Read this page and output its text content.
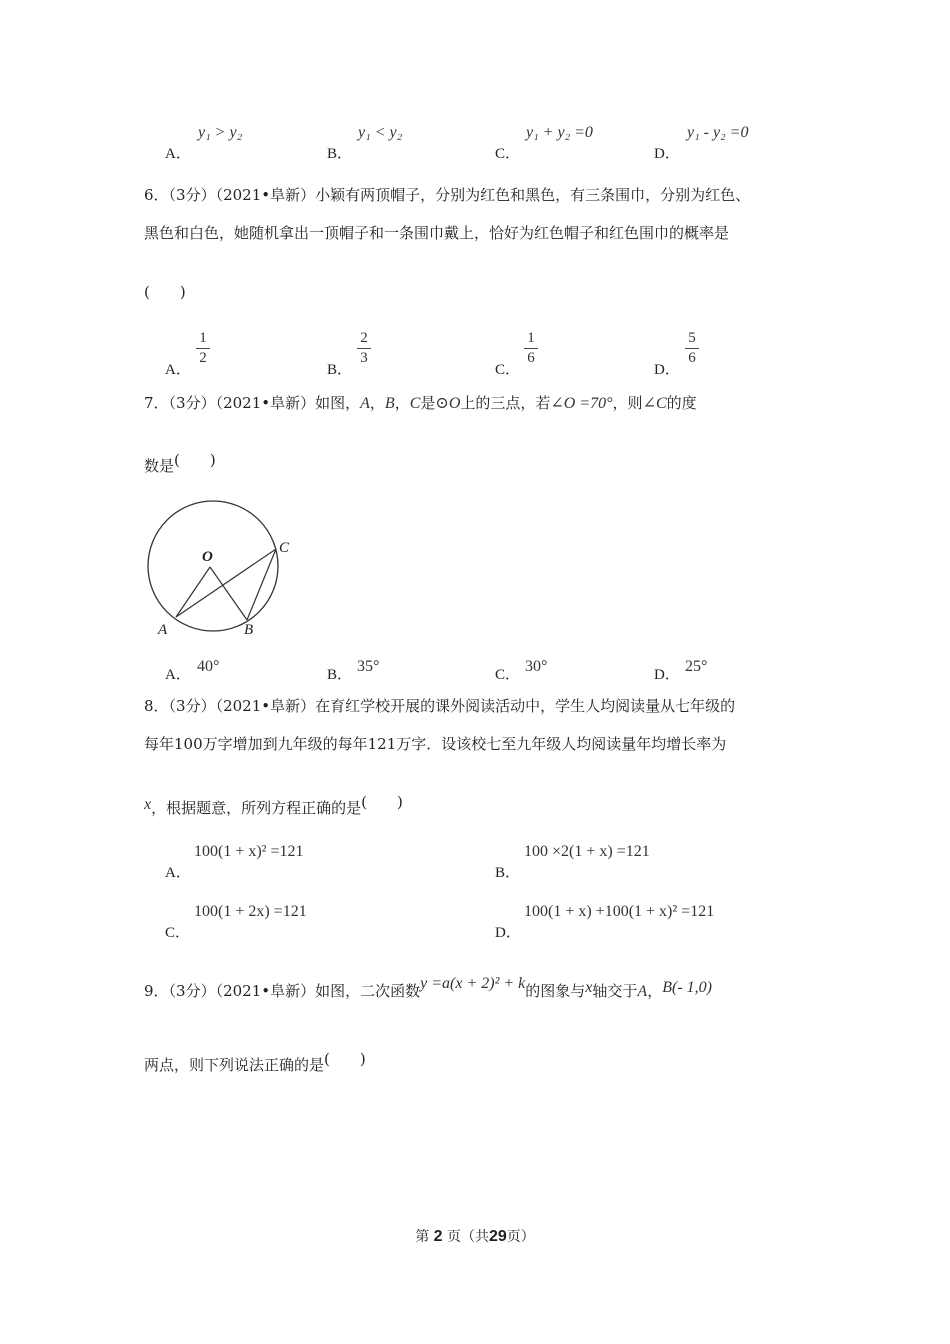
y₁ > y₂
A．
y₁ < y₂
B．
y₁ + y₂ =0
C．
y₁ - y₂ =0
D．
6．（3分）（2021•阜新）小颖有两顶帽子，分别为红色和黑色，有三条围巾，分别为红色、
黑色和白色，她随机拿出一顶帽子和一条围巾戴上，恰好为红色帽子和红色围巾的概率是
(　　)
A．
1
2
B．
2
3
C．
1
6
D．
5
6
7．（3分）（2021•阜新）如图，A，B，C是⊙O上的三点，若∠O =70°，则∠C的度
数是(　　)
O
C
A	B
A． 40°	B． 35°	C． 30°	D． 25°
8．（3分）（2021•阜新）在育红学校开展的课外阅读活动中，学生人均阅读量从七年级的
每年100万字增加到九年级的每年121万字．设该校七至九年级人均阅读量年均增长率为
x，根据题意，所列方程正确的是(　　)
100(1 + x)² =121
A．
100 ×2(1 + x) =121
B．
100(1 + 2x) =121
C．
100(1 + x) +100(1 + x)² =121
D．
9．（3分）（2021•阜新）如图，二次函数y =a(x + 2)² + k的图象与x轴交于A，B(- 1,0)
两点，则下列说法正确的是(　　)
第 2 页（共29页）
